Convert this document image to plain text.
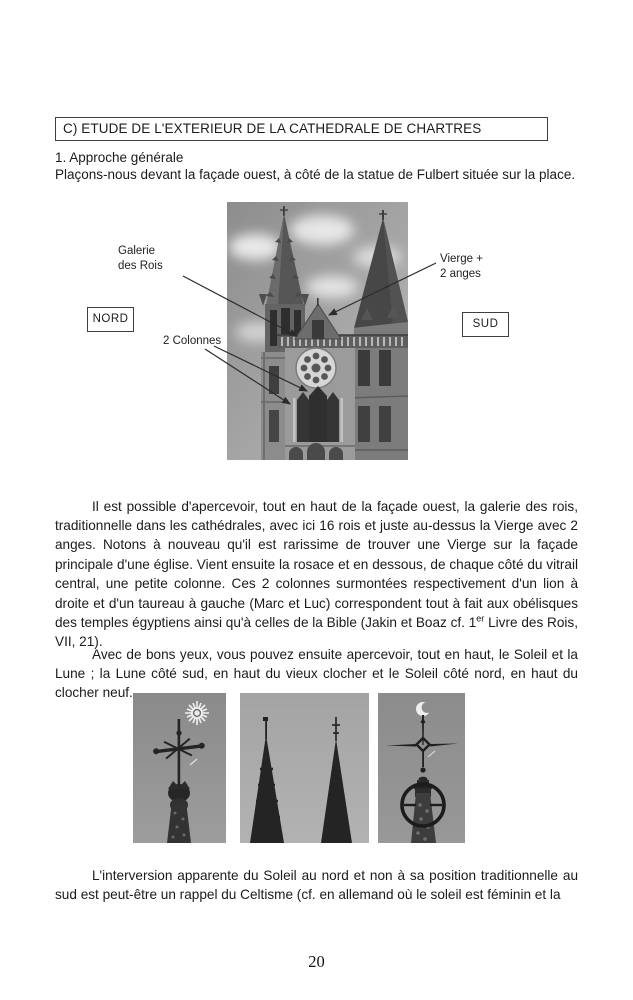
C) ETUDE DE L'EXTERIEUR DE LA CATHEDRALE DE CHARTRES
1. Approche générale
Plaçons-nous devant la façade ouest, à côté de la statue de Fulbert située sur la place.
Galerie
des Rois
Vierge +
2 anges
NORD	SUD
2 Colonnes

Il est possible d'apercevoir, tout en haut de la façade ouest, la galerie des rois, traditionnelle dans les cathédrales, avec ici 16 rois et juste au-dessus la Vierge avec 2 anges. Notons à nouveau qu'il est rarissime de trouver une Vierge sur la façade principale d'une église. Vient ensuite la rosace et en dessous, de chaque côté du vitrail central, une petite colonne. Ces 2 colonnes surmontées respectivement d'un lion à droite et d'un taureau à gauche (Marc et Luc) correspondent tout à fait aux obélisques des temples égyptiens ainsi qu'à celles de la Bible (Jakin et Boaz cf. 1er Livre des Rois, VII, 21).

Avec de bons yeux, vous pouvez ensuite apercevoir, tout en haut, le Soleil et la Lune ; la Lune côté sud, en haut du vieux clocher et le Soleil côté nord, en haut du clocher neuf.

L'interversion apparente du Soleil au nord et non à sa position traditionnelle au sud est peut-être un rappel du Celtisme (cf. en allemand où le soleil est féminin et la

20
